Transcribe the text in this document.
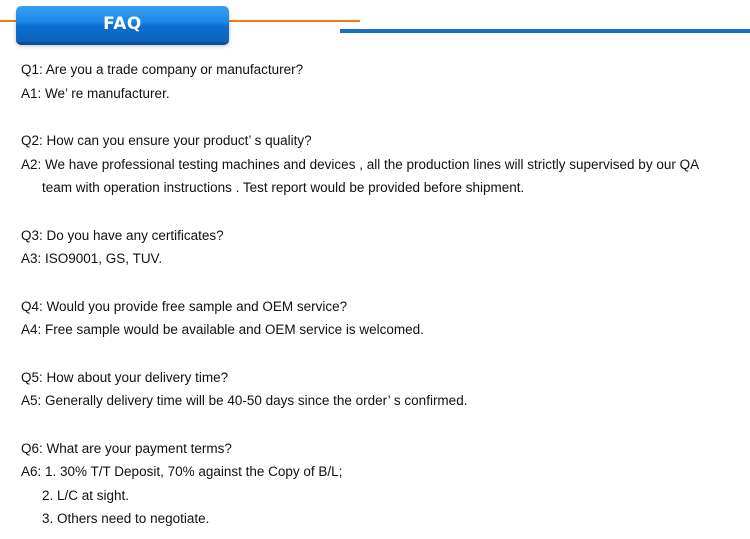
FAQ
Q1: Are you a trade company or manufacturer?
A1: We’ re manufacturer.
Q2: How can you ensure your product’ s quality?
A2: We have professional testing machines and devices , all the production lines will strictly supervised by our QA
team with operation instructions . Test report would be provided before shipment.
Q3: Do you have any certificates?
A3: ISO9001, GS, TUV.
Q4: Would you provide free sample and OEM service?
A4: Free sample would be available and OEM service is welcomed.
Q5: How about your delivery time?
A5: Generally delivery time will be 40-50 days since the order’ s confirmed.
Q6: What are your payment terms?
A6: 1. 30% T/T Deposit, 70% against the Copy of B/L;
2. L/C at sight.
3. Others need to negotiate.
